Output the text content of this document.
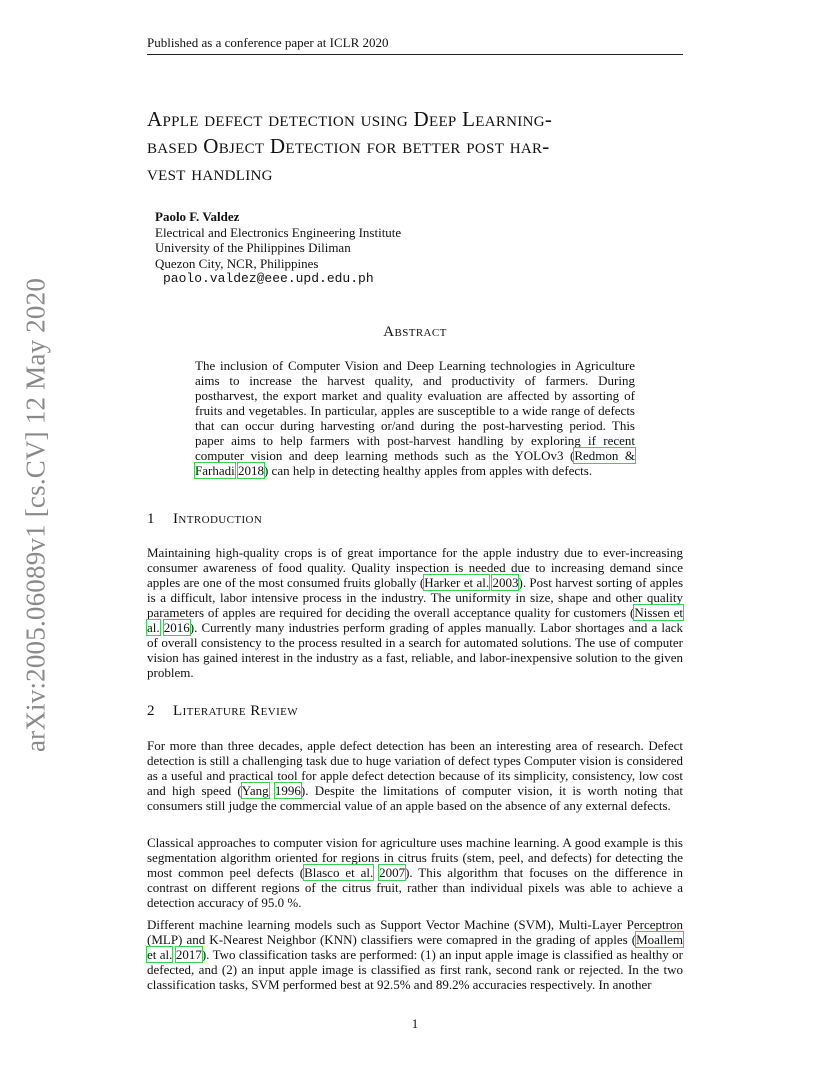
arXiv:2005.06089v1 [cs.CV] 12 May 2020
Published as a conference paper at ICLR 2020
Apple defect detection using Deep Learning-
based Object Detection for better post har-
vest handling
Paolo F. Valdez
Electrical and Electronics Engineering Institute
University of the Philippines Diliman
Quezon City, NCR, Philippines
paolo.valdez@eee.upd.edu.ph
Abstract
The inclusion of Computer Vision and Deep Learning technologies in Agriculture aims to increase the harvest quality, and productivity of farmers. During postharvest, the export market and quality evaluation are affected by assorting of fruits and vegetables. In particular, apples are susceptible to a wide range of defects that can occur during harvesting or/and during the post-harvesting period. This paper aims to help farmers with post-harvest handling by exploring if recent computer vision and deep learning methods such as the YOLOv3 (Redmon & Farhadi 2018) can help in detecting healthy apples from apples with defects.
1 Introduction
Maintaining high-quality crops is of great importance for the apple industry due to ever-increasing consumer awareness of food quality. Quality inspection is needed due to increasing demand since apples are one of the most consumed fruits globally (Harker et al. 2003). Post harvest sorting of apples is a difficult, labor intensive process in the industry. The uniformity in size, shape and other quality parameters of apples are required for deciding the overall acceptance quality for customers (Nissen et al. 2016). Currently many industries perform grading of apples manually. Labor shortages and a lack of overall consistency to the process resulted in a search for automated solutions. The use of computer vision has gained interest in the industry as a fast, reliable, and labor-inexpensive solution to the given problem.
2 Literature Review
For more than three decades, apple defect detection has been an interesting area of research. Defect detection is still a challenging task due to huge variation of defect types Computer vision is considered as a useful and practical tool for apple defect detection because of its simplicity, consistency, low cost and high speed (Yang 1996). Despite the limitations of computer vision, it is worth noting that consumers still judge the commercial value of an apple based on the absence of any external defects.
Classical approaches to computer vision for agriculture uses machine learning. A good example is this segmentation algorithm oriented for regions in citrus fruits (stem, peel, and defects) for detecting the most common peel defects (Blasco et al. 2007). This algorithm that focuses on the difference in contrast on different regions of the citrus fruit, rather than individual pixels was able to achieve a detection accuracy of 95.0 %.
Different machine learning models such as Support Vector Machine (SVM), Multi-Layer Perceptron (MLP) and K-Nearest Neighbor (KNN) classifiers were comapred in the grading of apples (Moallem et al. 2017). Two classification tasks are performed: (1) an input apple image is classified as healthy or defected, and (2) an input apple image is classified as first rank, second rank or rejected. In the two classification tasks, SVM performed best at 92.5% and 89.2% accuracies respectively. In another
1
